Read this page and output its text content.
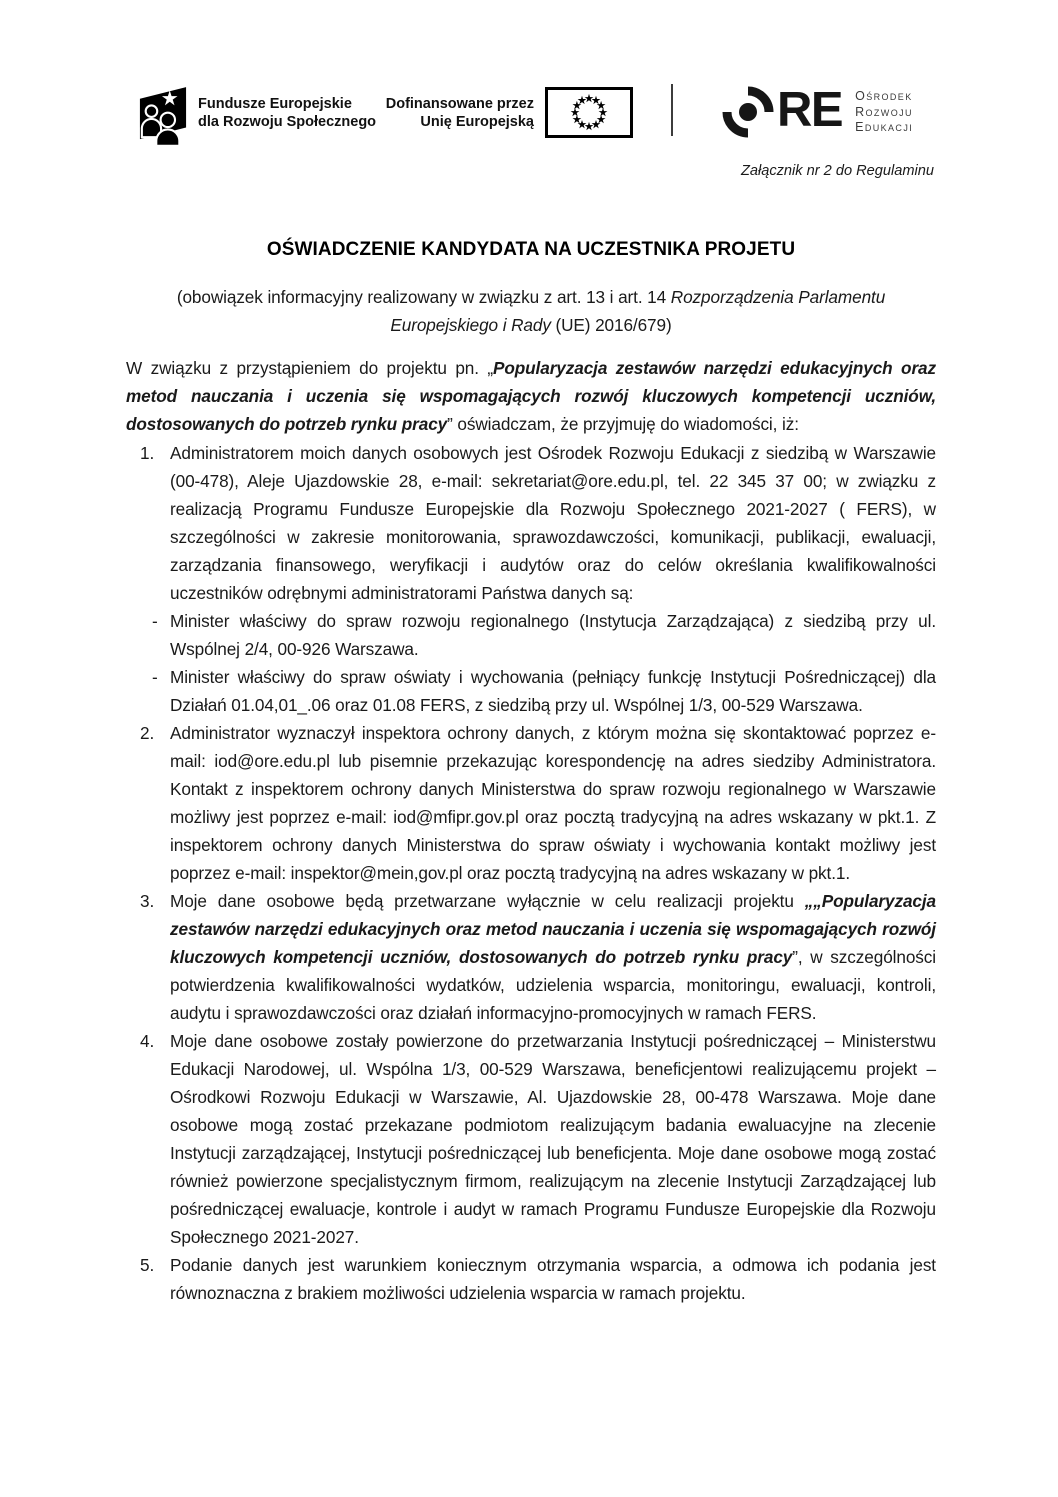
Fundusze Europejskie
dla Rozwoju Społecznego
Dofinansowane przez
Unię Europejską	RE Ośrodek
Rozwoju
Edukacji
Załącznik nr 2 do Regulaminu
OŚWIADCZENIE KANDYDATA NA UCZESTNIKA PROJETU

(obowiązek informacyjny realizowany w związku z art. 13 i art. 14 Rozporządzenia Parlamentu Europejskiego i Rady (UE) 2016/679)

W związku z przystąpieniem do projektu pn. „Popularyzacja zestawów narzędzi edukacyjnych oraz metod nauczania i uczenia się wspomagających rozwój kluczowych kompetencji uczniów, dostosowanych do potrzeb rynku pracy” oświadczam, że przyjmuję do wiadomości, iż:

1. Administratorem moich danych osobowych jest Ośrodek Rozwoju Edukacji z siedzibą w Warszawie (00-478), Aleje Ujazdowskie 28, e-mail: sekretariat@ore.edu.pl, tel. 22 345 37 00; w związku z realizacją Programu Fundusze Europejskie dla Rozwoju Społecznego 2021-2027 ( FERS), w szczególności w zakresie monitorowania, sprawozdawczości, komunikacji, publikacji, ewaluacji, zarządzania finansowego, weryfikacji i audytów oraz do celów określania kwalifikowalności uczestników odrębnymi administratorami Państwa danych są:

- Minister właściwy do spraw rozwoju regionalnego (Instytucja Zarządzająca) z siedzibą przy ul. Wspólnej 2/4, 00-926 Warszawa.

- Minister właściwy do spraw oświaty i wychowania (pełniący funkcję Instytucji Pośredniczącej) dla Działań 01.04,01_.06 oraz 01.08 FERS, z siedzibą przy ul. Wspólnej 1/3, 00-529 Warszawa.

2. Administrator wyznaczył inspektora ochrony danych, z którym można się skontaktować poprzez e-mail: iod@ore.edu.pl lub pisemnie przekazując korespondencję na adres siedziby Administratora. Kontakt z inspektorem ochrony danych Ministerstwa do spraw rozwoju regionalnego w Warszawie możliwy jest poprzez e-mail: iod@mfipr.gov.pl oraz pocztą tradycyjną na adres wskazany w pkt.1. Z inspektorem ochrony danych Ministerstwa do spraw oświaty i wychowania kontakt możliwy jest poprzez e-mail: inspektor@mein,gov.pl oraz pocztą tradycyjną na adres wskazany w pkt.1.

3. Moje dane osobowe będą przetwarzane wyłącznie w celu realizacji projektu „„Popularyzacja zestawów narzędzi edukacyjnych oraz metod nauczania i uczenia się wspomagających rozwój kluczowych kompetencji uczniów, dostosowanych do potrzeb rynku pracy”, w szczególności potwierdzenia kwalifikowalności wydatków, udzielenia wsparcia, monitoringu, ewaluacji, kontroli, audytu i sprawozdawczości oraz działań informacyjno-promocyjnych w ramach FERS.

4. Moje dane osobowe zostały powierzone do przetwarzania Instytucji pośredniczącej – Ministerstwu Edukacji Narodowej, ul. Wspólna 1/3, 00-529 Warszawa, beneficjentowi realizującemu projekt – Ośrodkowi Rozwoju Edukacji w Warszawie, Al. Ujazdowskie 28, 00-478 Warszawa. Moje dane osobowe mogą zostać przekazane podmiotom realizującym badania ewaluacyjne na zlecenie Instytucji zarządzającej, Instytucji pośredniczącej lub beneficjenta. Moje dane osobowe mogą zostać również powierzone specjalistycznym firmom, realizującym na zlecenie Instytucji Zarządzającej lub pośredniczącej ewaluacje, kontrole i audyt w ramach Programu Fundusze Europejskie dla Rozwoju Społecznego 2021-2027.

5. Podanie danych jest warunkiem koniecznym otrzymania wsparcia, a odmowa ich podania jest równoznaczna z brakiem możliwości udzielenia wsparcia w ramach projektu.
